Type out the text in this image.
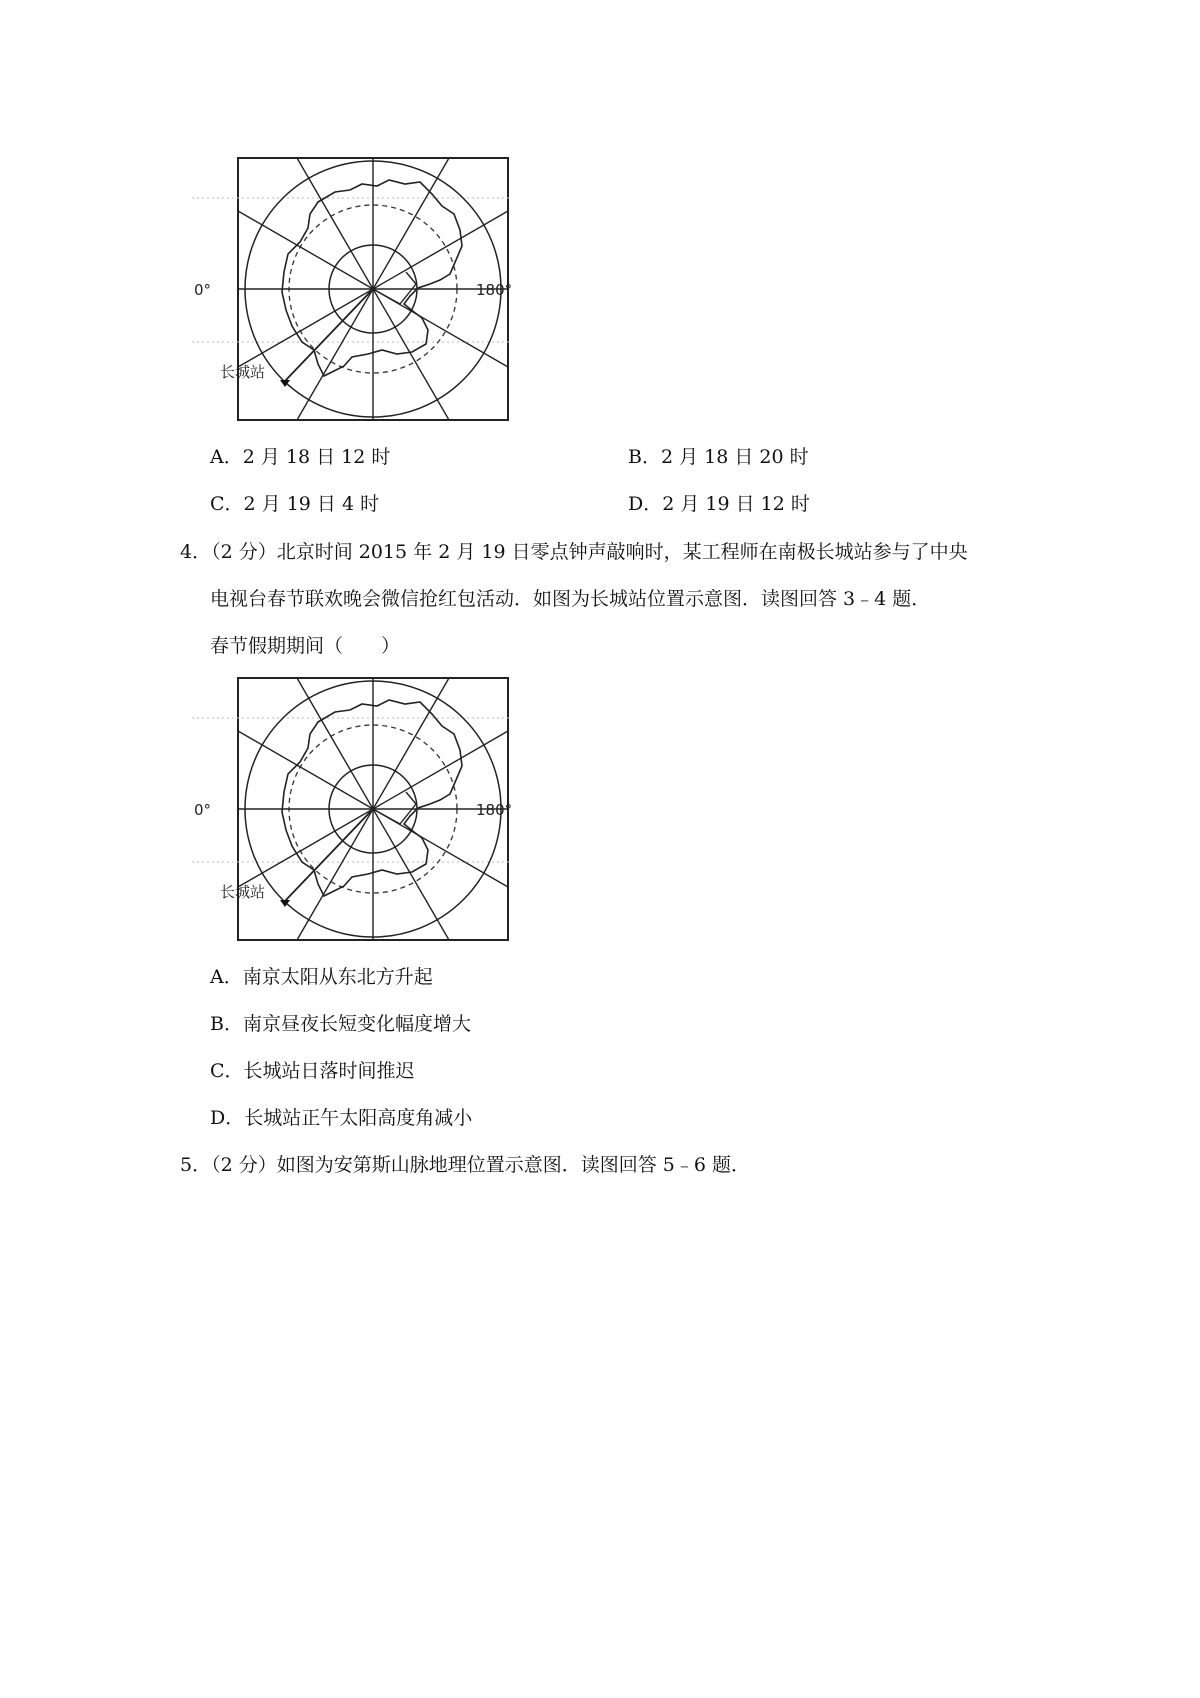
0°	180°
长城站
A．2 月 18 日 12 时	B．2 月 18 日 20 时
C．2 月 19 日 4 时	D．2 月 19 日 12 时
4．（2 分）北京时间 2015 年 2 月 19 日零点钟声敲响时，某工程师在南极长城站参与了中央
电视台春节联欢晚会微信抢红包活动．如图为长城站位置示意图．读图回答 3﹣4 题．
春节假期期间（　　）
0°	180°
长城站
A．南京太阳从东北方升起
B．南京昼夜长短变化幅度增大
C．长城站日落时间推迟
D．长城站正午太阳高度角减小
5．（2 分）如图为安第斯山脉地理位置示意图．读图回答 5﹣6 题．
